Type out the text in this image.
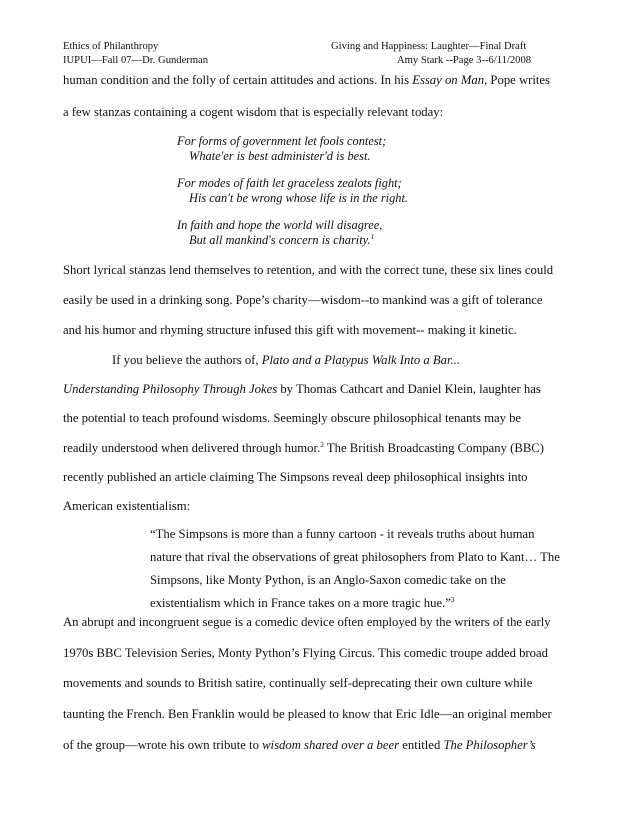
Ethics of Philanthropy
IUPUI—Fall 07—Dr. Gunderman
Giving and Happiness: Laughter—Final Draft
Amy Stark --Page 3--6/11/2008
human condition and the folly of certain attitudes and actions. In his Essay on Man, Pope writes
a few stanzas containing a cogent wisdom that is especially relevant today:
For forms of government let fools contest;
Whate'er is best administer'd is best.
For modes of faith let graceless zealots fight;
His can't be wrong whose life is in the right.
In faith and hope the world will disagree,
But all mankind's concern is charity.$^1$
Short lyrical stanzas lend themselves to retention, and with the correct tune, these six lines could
easily be used in a drinking song. Pope’s charity—wisdom--to mankind was a gift of tolerance
and his humor and rhyming structure infused this gift with movement-- making it kinetic.
If you believe the authors of, Plato and a Platypus Walk Into a Bar...
Understanding Philosophy Through Jokes by Thomas Cathcart and Daniel Klein, laughter has
the potential to teach profound wisdoms. Seemingly obscure philosophical tenants may be
readily understood when delivered through humor.$^2$ The British Broadcasting Company (BBC)
recently published an article claiming The Simpsons reveal deep philosophical insights into
American existentialism:
“The Simpsons is more than a funny cartoon - it reveals truths about human
nature that rival the observations of great philosophers from Plato to Kant… The
Simpsons, like Monty Python, is an Anglo-Saxon comedic take on the
existentialism which in France takes on a more tragic hue.”$^3$
An abrupt and incongruent segue is a comedic device often employed by the writers of the early
1970s BBC Television Series, Monty Python’s Flying Circus. This comedic troupe added broad
movements and sounds to British satire, continually self-deprecating their own culture while
taunting the French. Ben Franklin would be pleased to know that Eric Idle—an original member
of the group—wrote his own tribute to wisdom shared over a beer entitled The Philosopher’s
